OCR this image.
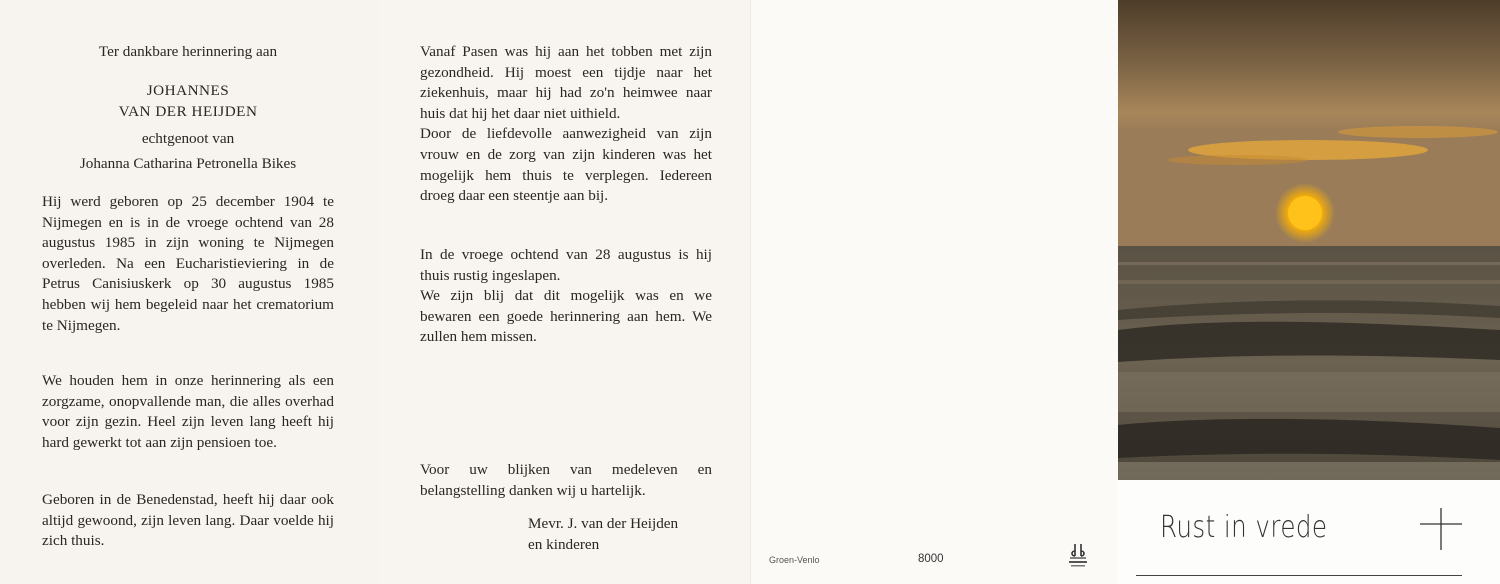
Ter dankbare herinnering aan
JOHANNES
VAN DER HEIJDEN
echtgenoot van
Johanna Catharina Petronella Bikes

Hij werd geboren op 25 december 1904 te Nijmegen en is in de vroege ochtend van 28 augustus 1985 in zijn woning te Nijmegen overleden. Na een Eucharistieviering in de Petrus Canisiuskerk op 30 augustus 1985 hebben wij hem begeleid naar het crematorium te Nijmegen.

We houden hem in onze herinnering als een zorgzame, onopvallende man, die alles overhad voor zijn gezin. Heel zijn leven lang heeft hij hard gewerkt tot aan zijn pensioen toe.

Geboren in de Benedenstad, heeft hij daar ook altijd gewoond, zijn leven lang. Daar voelde hij zich thuis.

Vanaf Pasen was hij aan het tobben met zijn gezondheid. Hij moest een tijdje naar het ziekenhuis, maar hij had zo'n heimwee naar huis dat hij het daar niet uithield.

Door de liefdevolle aanwezigheid van zijn vrouw en de zorg van zijn kinderen was het mogelijk hem thuis te verplegen. Iedereen droeg daar een steentje aan bij.

In de vroege ochtend van 28 augustus is hij thuis rustig ingeslapen.

We zijn blij dat dit mogelijk was en we bewaren een goede herinnering aan hem. We zullen hem missen.

Voor uw blijken van medeleven en belangstelling danken wij u hartelijk.

Mevr. J. van der Heijden
en kinderen
Groen-Venlo	8000
Rust in vrede
